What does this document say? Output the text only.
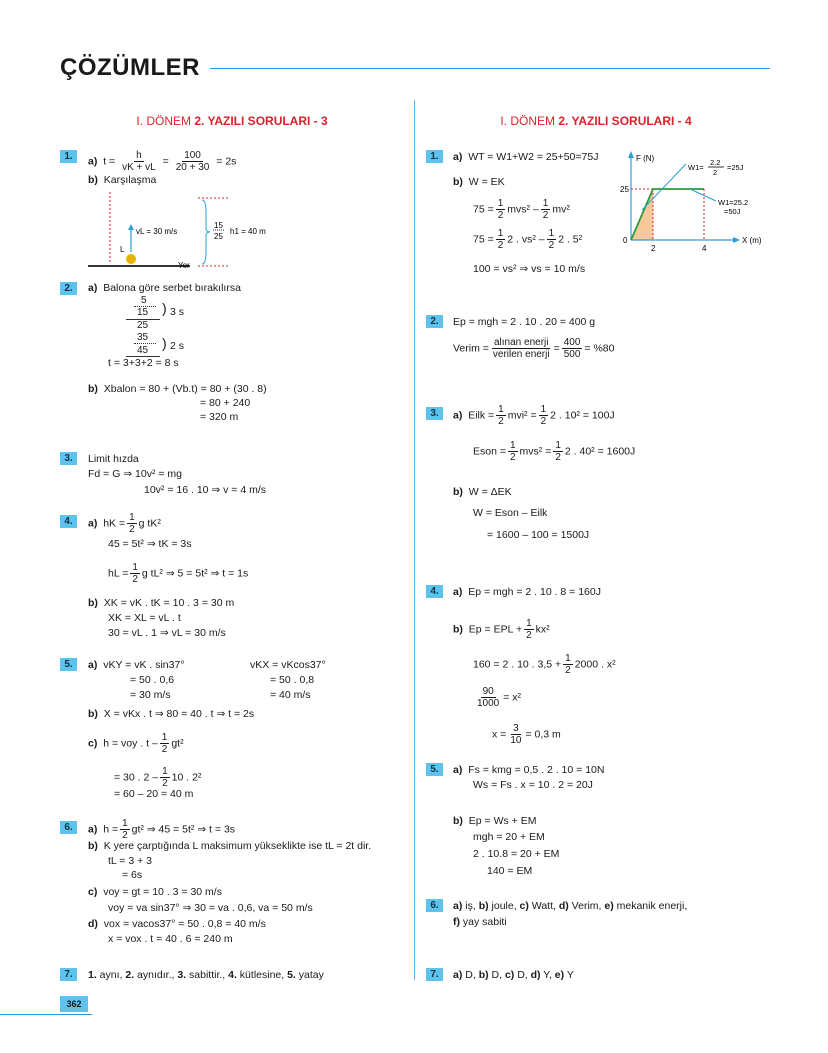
ÇÖZÜMLER
I. DÖNEM 2. YAZILI SORULARI - 3
1.	a) $t = \frac{h}{vK + vL} = \frac{100}{20 + 30} = 2s$
b) Karşılaşma
vL = 30 m/s
L
Yer
15
25
h1 = 40 m
2.	a) Balona göre serbet bırakılırsa
5
15
25
) 3 s
35
45 ) 2 s
t = 3+3+2 = 8 s
b) Xbalon = 80 + (Vb.t) = 80 + (30 . 8)
= 80 + 240
= 320 m
3.	Limit hızda
Fd = G ⇒ 10v² = mg
10v² = 16 . 10 ⇒ v = 4 m/s
4.	a) hK = $\frac{1}{2}$ g tK²
45 = 5t² ⇒ tK = 3s
hL = $\frac{1}{2}$ g tL² ⇒ 5 = 5t² ⇒ t = 1s
b) XK = vK . tK = 10 . 3 = 30 m
XK = XL = vL . t
30 = vL . 1 ⇒ vL = 30 m/s
5.	a) vKY = vK . sin37°
= 50 . 0,6
= 30 m/s
vKX = vKcos37°
= 50 . 0,8
= 40 m/s
b) X = vKx . t ⇒ 80 = 40 . t ⇒ t = 2s
c) h = voy . t – $\frac{1}{2} gt^2$
= 30 . $2 - \frac{1}{2} 10$ . 2²
= 60 – 20 = 40 m
6.	a) $h = \frac{1}{2} gt^2$ ⇒ 45 = 5t² ⇒ t = 3s
b) K yere çarptığında L maksimum yükseklikte ise tL = 2t dir.
tL = 3 + 3
= 6s
c) voy = gt = 10 . 3 = 30 m/s
voy = va sin37° ⇒ 30 = va . 0,6, va = 50 m/s
d) vox = vacos37° = 50 . 0,8 = 40 m/s
x = vox . t = 40 . 6 = 240 m
7.	1. aynı, 2. aynıdır., 3. sabittir., 4. kütlesine, 5. yatay
I. DÖNEM 2. YAZILI SORULARI - 4
1.	a) WT = W1+W2 = 25+50=75J
b) W = EK
$75 = \frac{1}{2} mvs^2 - \frac{1}{2} mv^2$
$75 = \frac{1}{2} 2$ . $vs^2 - \frac{1}{2} 2$ . 5²
100 = vs² ⇒ vs = 10 m/s
F (N)
X (m)
25
0
2	4
W1=
2.2
2
=25J
W1=25.2
=50J
2.	Ep = mgh = 2 . 10 . 20 = 400 g
Verim = $\frac{\text{alınan enerji}}{\text{verilen enerji}} = \frac{400}{500} = \%80$
3.	a) Eilk = $\frac{1}{2} mvi^2 = \frac{1}{2} 2$ . 10² = 100J
Eson = $\frac{1}{2} mvs^2 = \frac{1}{2} 2$ . 40² = 1600J
b) W = ΔEK
W = Eson – Eilk
= 1600 – 100 = 1500J
4.	a) Ep = mgh = 2 . 10 . 8 = 160J
b) Ep = EPL + $\frac{1}{2} kx^2$
160 = 2 . 10 . $3,5 + \frac{1}{2} 2000$ . x²
$\frac{90}{1000} = x^2$
$x = \frac{3}{10} = 0,3$ m
5.	a) Fs = kmg = 0,5 . 2 . 10 = 10N
Ws = Fs . x = 10 . 2 = 20J
b) Ep = Ws + EM
mgh = 20 + EM
2 . 10.8 = 20 + EM
140 = EM
6.	a) iş, b) joule, c) Watt, d) Verim, e) mekanik enerji,
f) yay sabiti
7.	a) D, b) D, c) D, d) Y, e) Y
362
